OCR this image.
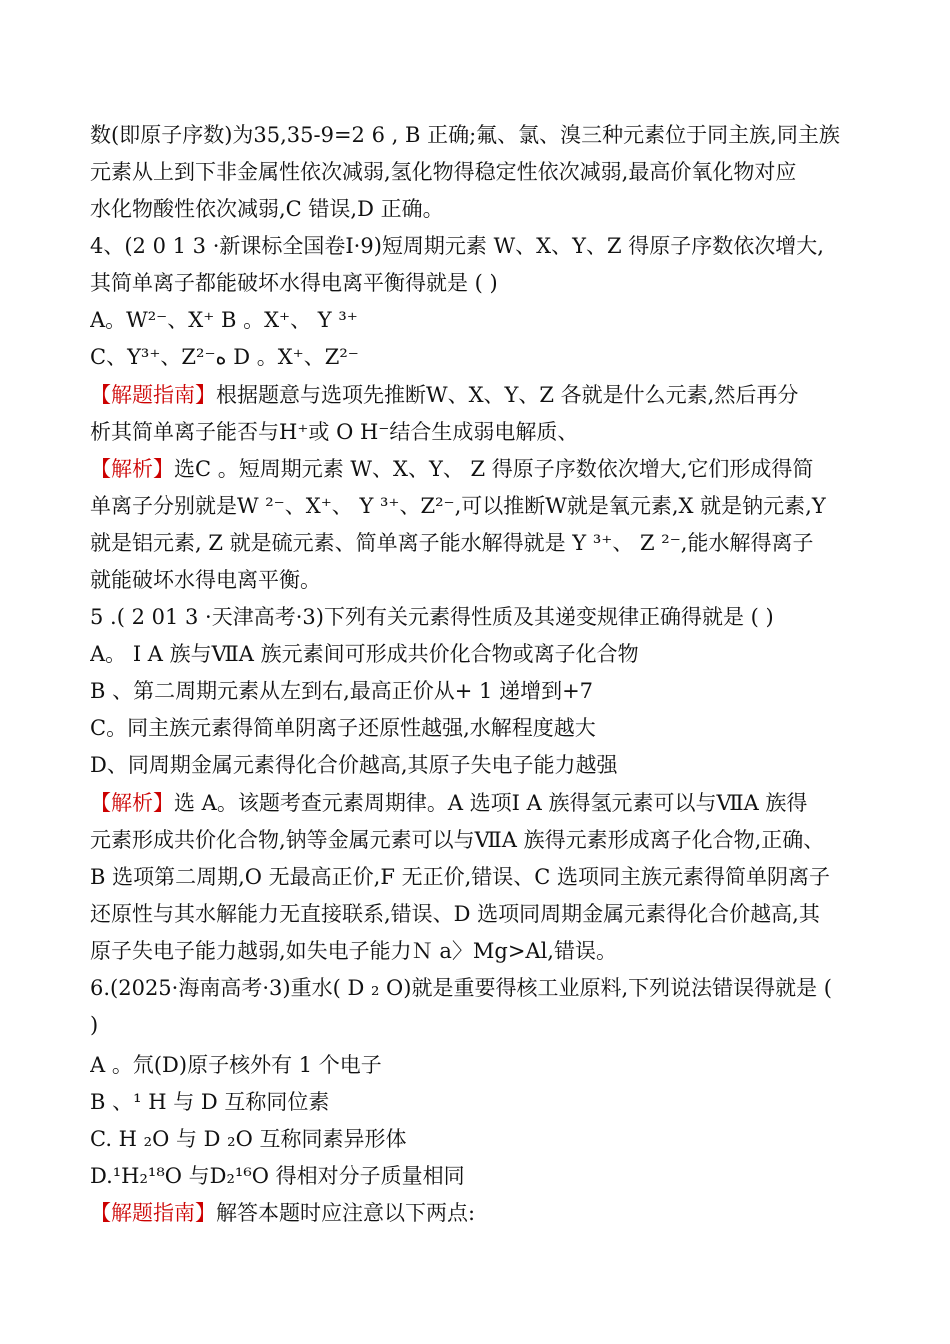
数(即原子序数)为35,35-9=2 6 , B 正确;氟、氯、溴三种元素位于同主族,同主族
元素从上到下非金属性依次减弱,氢化物得稳定性依次减弱,最高价氧化物对应
水化物酸性依次减弱,C 错误,D 正确。
4、(2 0 1 3 ·新课标全国卷Ⅰ·9)短周期元素 W、X、Y、Z 得原子序数依次增大,
其简单离子都能破坏水得电离平衡得就是 ( )
A。W²⁻、X⁺ B 。X⁺、 Y ³⁺
C、Y³⁺、Z²⁻ه D 。X⁺、Z²⁻
【解题指南】根据题意与选项先推断W、X、Y、Z 各就是什么元素,然后再分
析其简单离子能否与H⁺或 O H⁻结合生成弱电解质、
【解析】选C 。短周期元素 W、X、Y、 Z 得原子序数依次增大,它们形成得简
单离子分别就是W ²⁻、X⁺、 Y ³⁺、Z²⁻,可以推断W就是氧元素,X 就是钠元素,Y
就是铝元素, Z 就是硫元素、简单离子能水解得就是 Y ³⁺、 Z ²⁻,能水解得离子
就能破坏水得电离平衡。
5 .( 2 01 3 ·天津高考·3)下列有关元素得性质及其递变规律正确得就是 ( )
A。 Ⅰ A 族与ⅦA 族元素间可形成共价化合物或离子化合物
B 、第二周期元素从左到右,最高正价从+ 1 递增到+7
C。同主族元素得简单阴离子还原性越强,水解程度越大
D、同周期金属元素得化合价越高,其原子失电子能力越强
【解析】选 A。该题考查元素周期律。A 选项Ⅰ A 族得氢元素可以与ⅦA 族得
元素形成共价化合物,钠等金属元素可以与ⅦA 族得元素形成离子化合物,正确、
B 选项第二周期,O 无最高正价,F 无正价,错误、C 选项同主族元素得简单阴离子
还原性与其水解能力无直接联系,错误、D 选项同周期金属元素得化合价越高,其
原子失电子能力越弱,如失电子能力Ｎ a〉Mg>Al,错误。
6.(2025·海南高考·3)重水( D ₂ O)就是重要得核工业原料,下列说法错误得就是 (
)
A 。氘(D)原子核外有 1 个电子
B 、¹ H 与 D 互称同位素
C. H ₂O 与 D ₂O 互称同素异形体
D.¹H₂¹⁸O 与D₂¹⁶O 得相对分子质量相同
【解题指南】解答本题时应注意以下两点:
